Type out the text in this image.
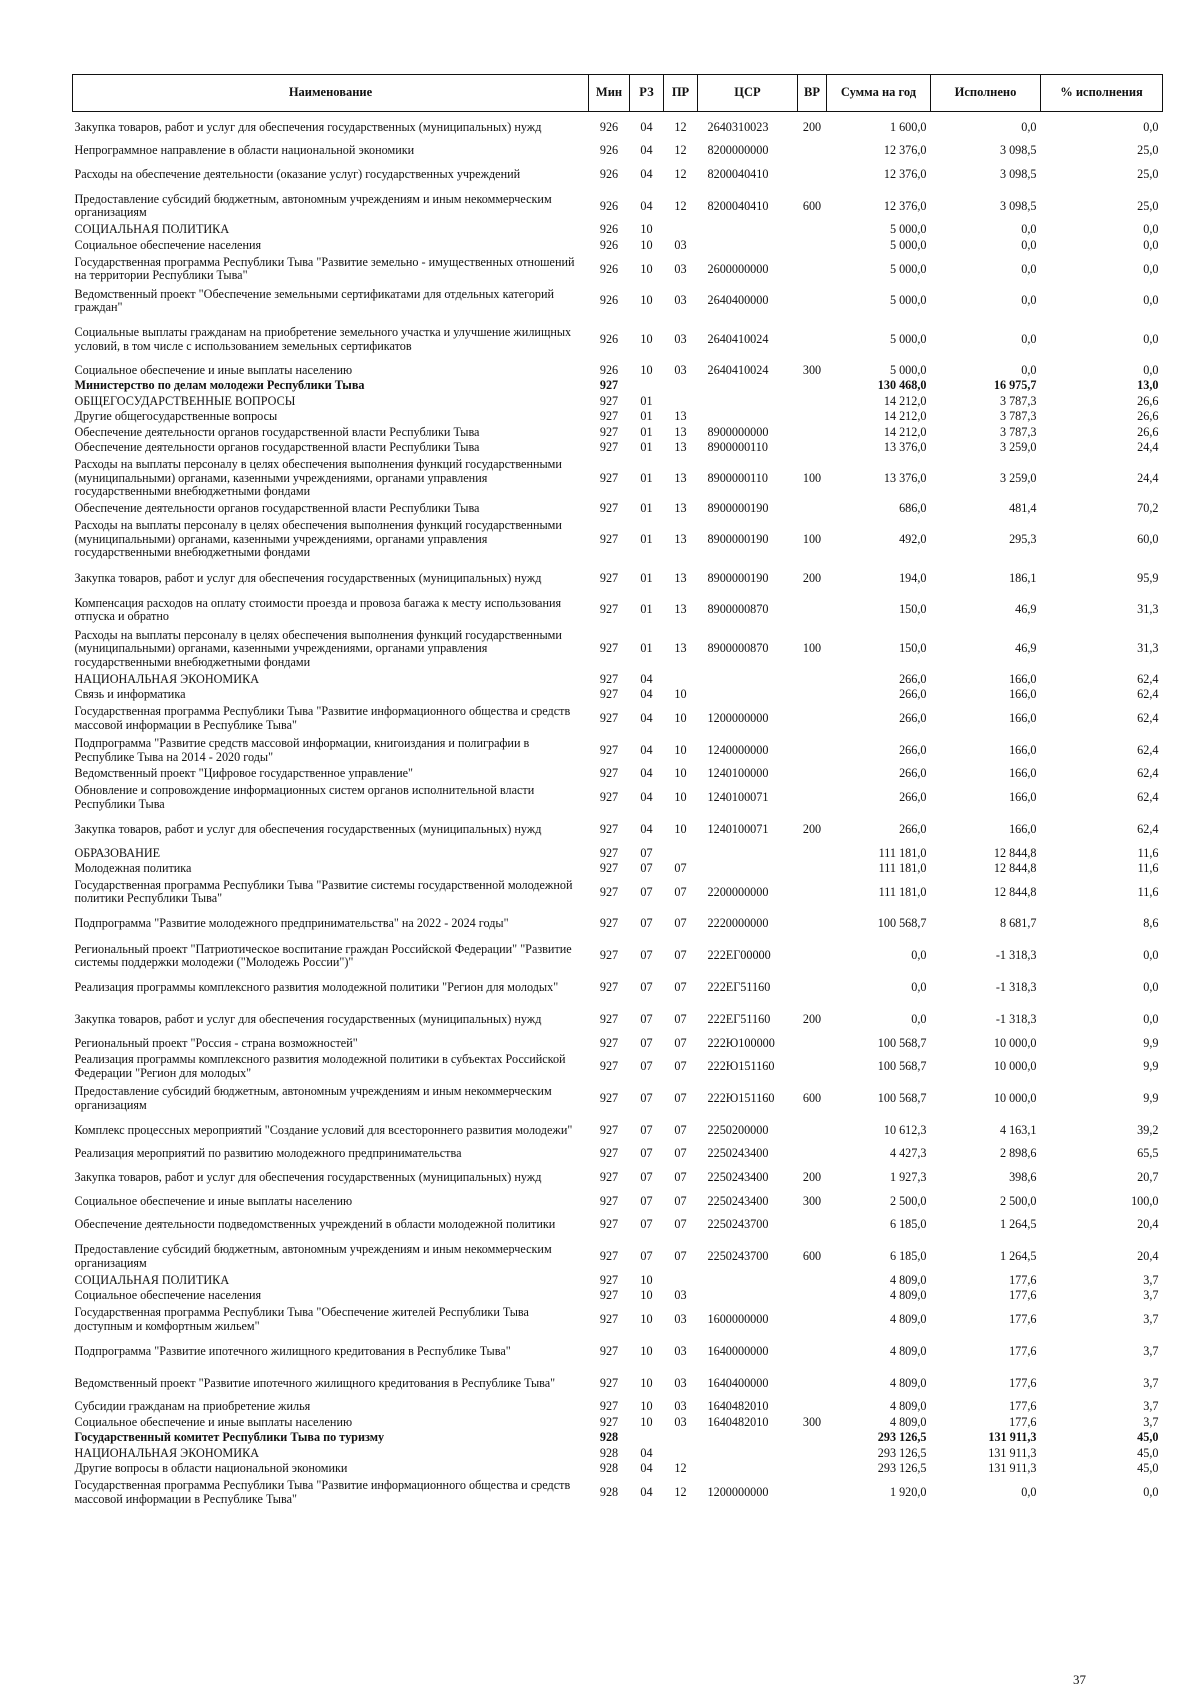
Наименование	Мин	РЗ	ПР	ЦСР	ВР	Сумма на год	Исполнено	% исполнения
Закупка товаров, работ и услуг для обеспечения государственных (муниципальных) нужд	926	04	12	2640310023	200	1 600,0	0,0	0,0
Непрограммное направление в области национальной экономики	926	04	12	8200000000		12 376,0	3 098,5	25,0
Расходы на обеспечение деятельности (оказание услуг) государственных учреждений	926	04	12	8200040410		12 376,0	3 098,5	25,0
Предоставление субсидий бюджетным, автономным учреждениям и иным некоммерческим организациям	926	04	12	8200040410	600	12 376,0	3 098,5	25,0
СОЦИАЛЬНАЯ ПОЛИТИКА	926	10				5 000,0	0,0	0,0
Социальное обеспечение населения	926	10	03			5 000,0	0,0	0,0
Государственная программа Республики Тыва "Развитие земельно - имущественных отношений на территории Республики Тыва"	926	10	03	2600000000		5 000,0	0,0	0,0
Ведомственный проект "Обеспечение земельными сертификатами для отдельных категорий граждан"	926	10	03	2640400000		5 000,0	0,0	0,0
Социальные выплаты гражданам на приобретение земельного участка и улучшение жилищных условий, в том числе с использованием земельных сертификатов	926	10	03	2640410024		5 000,0	0,0	0,0
Социальное обеспечение и иные выплаты населению	926	10	03	2640410024	300	5 000,0	0,0	0,0
Министерство по делам молодежи Республики Тыва	927					130 468,0	16 975,7	13,0
ОБЩЕГОСУДАРСТВЕННЫЕ ВОПРОСЫ	927	01				14 212,0	3 787,3	26,6
Другие общегосударственные вопросы	927	01	13			14 212,0	3 787,3	26,6
Обеспечение деятельности органов государственной власти Республики Тыва	927	01	13	8900000000		14 212,0	3 787,3	26,6
Обеспечение деятельности органов государственной власти Республики Тыва	927	01	13	8900000110		13 376,0	3 259,0	24,4
Расходы на выплаты персоналу в целях обеспечения выполнения функций государственными (муниципальными) органами, казенными учреждениями, органами управления государственными внебюджетными фондами	927	01	13	8900000110	100	13 376,0	3 259,0	24,4
Обеспечение деятельности органов государственной власти Республики Тыва	927	01	13	8900000190		686,0	481,4	70,2
Расходы на выплаты персоналу в целях обеспечения выполнения функций государственными (муниципальными) органами, казенными учреждениями, органами управления государственными внебюджетными фондами	927	01	13	8900000190	100	492,0	295,3	60,0
Закупка товаров, работ и услуг для обеспечения государственных (муниципальных) нужд	927	01	13	8900000190	200	194,0	186,1	95,9
Компенсация расходов на оплату стоимости проезда и провоза багажа к месту использования отпуска и обратно	927	01	13	8900000870		150,0	46,9	31,3
Расходы на выплаты персоналу в целях обеспечения выполнения функций государственными (муниципальными) органами, казенными учреждениями, органами управления государственными внебюджетными фондами	927	01	13	8900000870	100	150,0	46,9	31,3
НАЦИОНАЛЬНАЯ ЭКОНОМИКА	927	04				266,0	166,0	62,4
Связь и информатика	927	04	10			266,0	166,0	62,4
Государственная программа Республики Тыва "Развитие информационного общества и средств массовой информации в Республике Тыва"	927	04	10	1200000000		266,0	166,0	62,4
Подпрограмма "Развитие средств массовой информации, книгоиздания и полиграфии в Республике Тыва на 2014 - 2020 годы"	927	04	10	1240000000		266,0	166,0	62,4
Ведомственный проект "Цифровое государственное управление"	927	04	10	1240100000		266,0	166,0	62,4
Обновление и сопровождение информационных систем органов исполнительной власти Республики Тыва	927	04	10	1240100071		266,0	166,0	62,4
Закупка товаров, работ и услуг для обеспечения государственных (муниципальных) нужд	927	04	10	1240100071	200	266,0	166,0	62,4
ОБРАЗОВАНИЕ	927	07				111 181,0	12 844,8	11,6
Молодежная политика	927	07	07			111 181,0	12 844,8	11,6
Государственная программа Республики Тыва "Развитие системы государственной молодежной политики Республики Тыва"	927	07	07	2200000000		111 181,0	12 844,8	11,6
Подпрограмма "Развитие молодежного предпринимательства" на 2022 - 2024 годы"	927	07	07	2220000000		100 568,7	8 681,7	8,6
Региональный проект "Патриотическое воспитание граждан Российской Федерации" "Развитие системы поддержки молодежи ("Молодежь России")"	927	07	07	222ЕГ00000		0,0	-1 318,3	0,0
Реализация программы комплексного развития молодежной политики "Регион для молодых"	927	07	07	222ЕГ51160		0,0	-1 318,3	0,0
Закупка товаров, работ и услуг для обеспечения государственных (муниципальных) нужд	927	07	07	222ЕГ51160	200	0,0	-1 318,3	0,0
Региональный проект "Россия - страна возможностей"	927	07	07	222Ю100000		100 568,7	10 000,0	9,9
Реализация программы комплексного развития молодежной политики в субъектах Российской Федерации "Регион для молодых"	927	07	07	222Ю151160		100 568,7	10 000,0	9,9
Предоставление субсидий бюджетным, автономным учреждениям и иным некоммерческим организациям	927	07	07	222Ю151160	600	100 568,7	10 000,0	9,9
Комплекс процессных мероприятий "Создание условий для всестороннего развития молодежи"	927	07	07	2250200000		10 612,3	4 163,1	39,2
Реализация мероприятий по развитию молодежного предпринимательства	927	07	07	2250243400		4 427,3	2 898,6	65,5
Закупка товаров, работ и услуг для обеспечения государственных (муниципальных) нужд	927	07	07	2250243400	200	1 927,3	398,6	20,7
Социальное обеспечение и иные выплаты населению	927	07	07	2250243400	300	2 500,0	2 500,0	100,0
Обеспечение деятельности подведомственных учреждений в области молодежной политики	927	07	07	2250243700		6 185,0	1 264,5	20,4
Предоставление субсидий бюджетным, автономным учреждениям и иным некоммерческим организациям	927	07	07	2250243700	600	6 185,0	1 264,5	20,4
СОЦИАЛЬНАЯ ПОЛИТИКА	927	10				4 809,0	177,6	3,7
Социальное обеспечение населения	927	10	03			4 809,0	177,6	3,7
Государственная программа Республики Тыва "Обеспечение жителей Республики Тыва доступным и комфортным жильем"	927	10	03	1600000000		4 809,0	177,6	3,7
Подпрограмма "Развитие ипотечного жилищного кредитования в Республике Тыва"	927	10	03	1640000000		4 809,0	177,6	3,7
Ведомственный проект "Развитие ипотечного жилищного кредитования в Республике Тыва"	927	10	03	1640400000		4 809,0	177,6	3,7
Субсидии гражданам на приобретение жилья	927	10	03	1640482010		4 809,0	177,6	3,7
Социальное обеспечение и иные выплаты населению	927	10	03	1640482010	300	4 809,0	177,6	3,7
Государственный комитет Республики Тыва по туризму	928					293 126,5	131 911,3	45,0
НАЦИОНАЛЬНАЯ ЭКОНОМИКА	928	04				293 126,5	131 911,3	45,0
Другие вопросы в области национальной экономики	928	04	12			293 126,5	131 911,3	45,0
Государственная программа Республики Тыва "Развитие информационного общества и средств массовой информации в Республике Тыва"	928	04	12	1200000000		1 920,0	0,0	0,0
37
